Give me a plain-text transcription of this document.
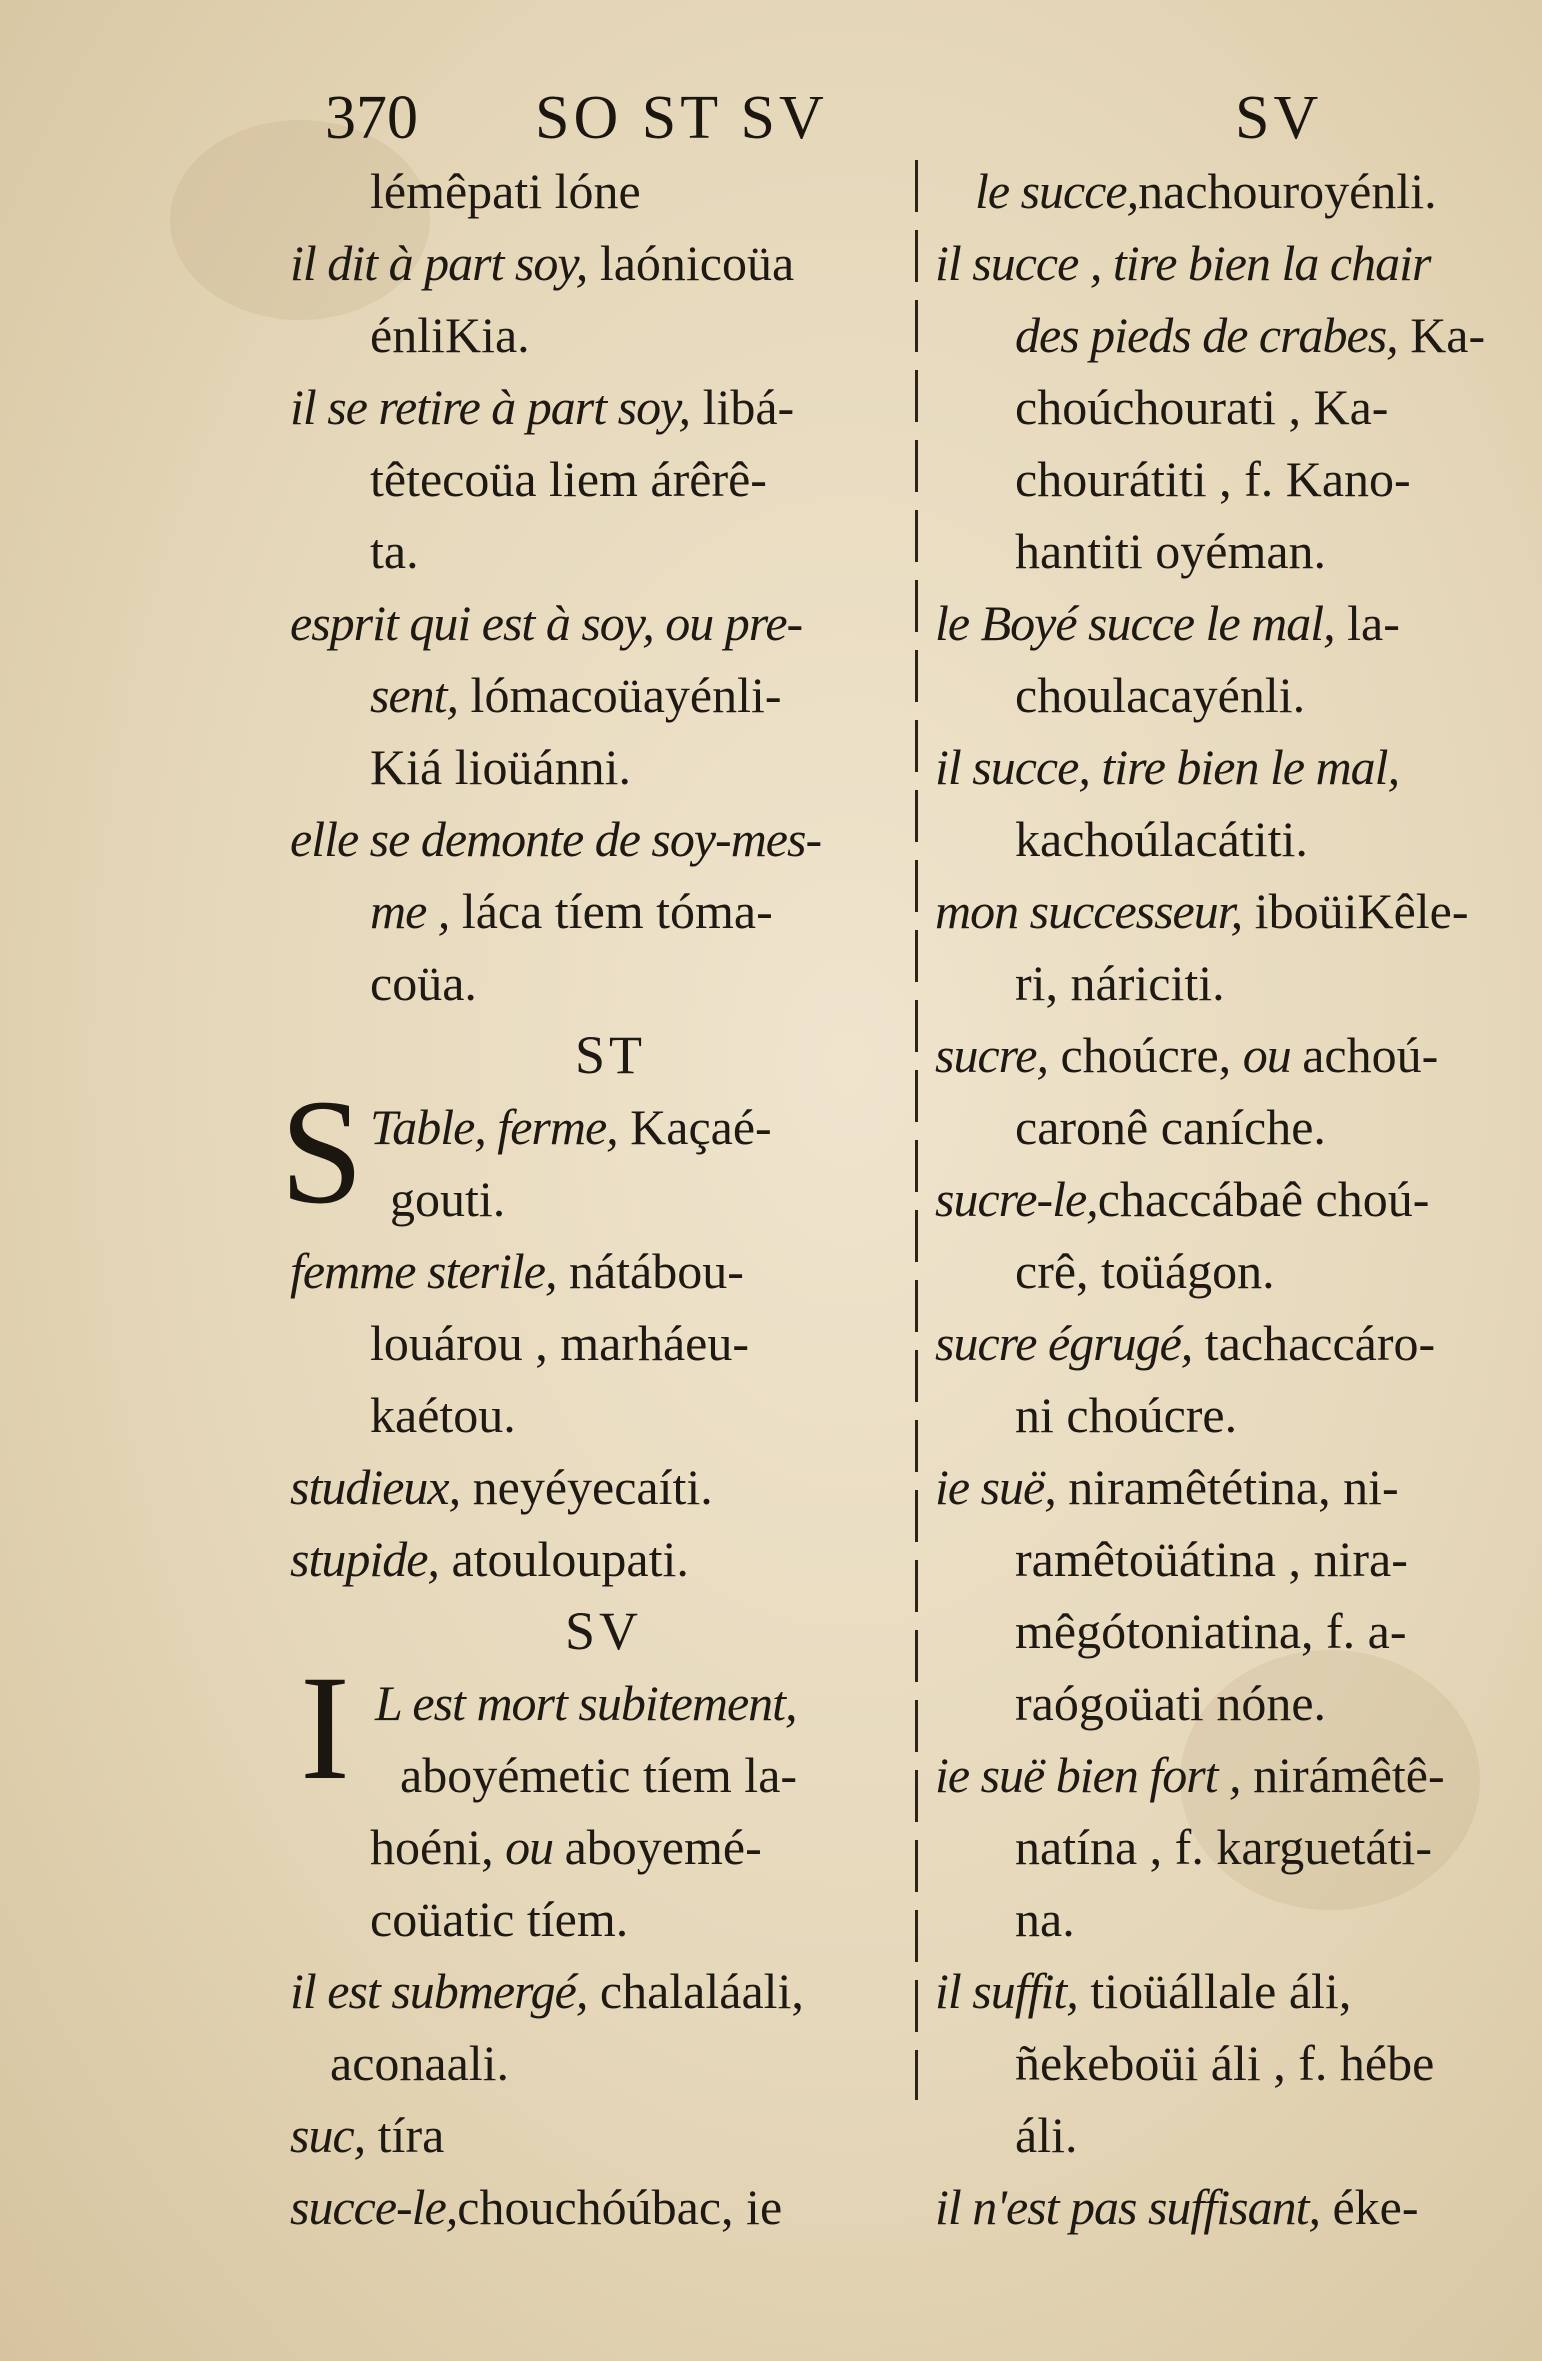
370 SO ST SV	SV
lémêpati lóne
il dit à part soy, laónicoüa
énliKia.
il se retire à part soy, libá-
têtecoüa liem árêrê-
ta.
esprit qui est à soy, ou pre-
sent, lómacoüayénli-
Kiá lioüánni.
elle se demonte de soy-mes-
me , láca tíem tóma-
coüa.
ST
S Table, ferme, Kaçaé-
gouti.
femme sterile, nátábou-
louárou , marháeu-
kaétou.
studieux, neyéyecaíti.
stupide, atouloupati.
SV
I L est mort subitement,
aboyémetic tíem la-
hoéni, ou aboyemé-
coüatic tíem.
il est submergé, chalaláali,
aconaali.
suc, tíra
succe-le,chouchóúbac, ie
le succe,nachouroyénli.
il succe , tire bien la chair
des pieds de crabes, Ka-
choúchourati , Ka-
chourátiti , f. Kano-
hantiti oyéman.
le Boyé succe le mal, la-
choulacayénli.
il succe, tire bien le mal,
kachoúlacátiti.
mon successeur, iboüiKêle-
ri, náriciti.
sucre, choúcre, ou achoú-
caronê caníche.
sucre-le,chaccábaê choú-
crê, toüágon.
sucre égrugé, tachaccáro-
ni choúcre.
ie suë, niramêtétina, ni-
ramêtoüátina , nira-
mêgótoniatina, f. a-
raógoüati nóne.
ie suë bien fort , nirámêtê-
natína , f. karguetáti-
na.
il suffit, tioüállale áli,
ñekeboüi áli , f. hébe
áli.
il n'est pas suffisant, éke-
